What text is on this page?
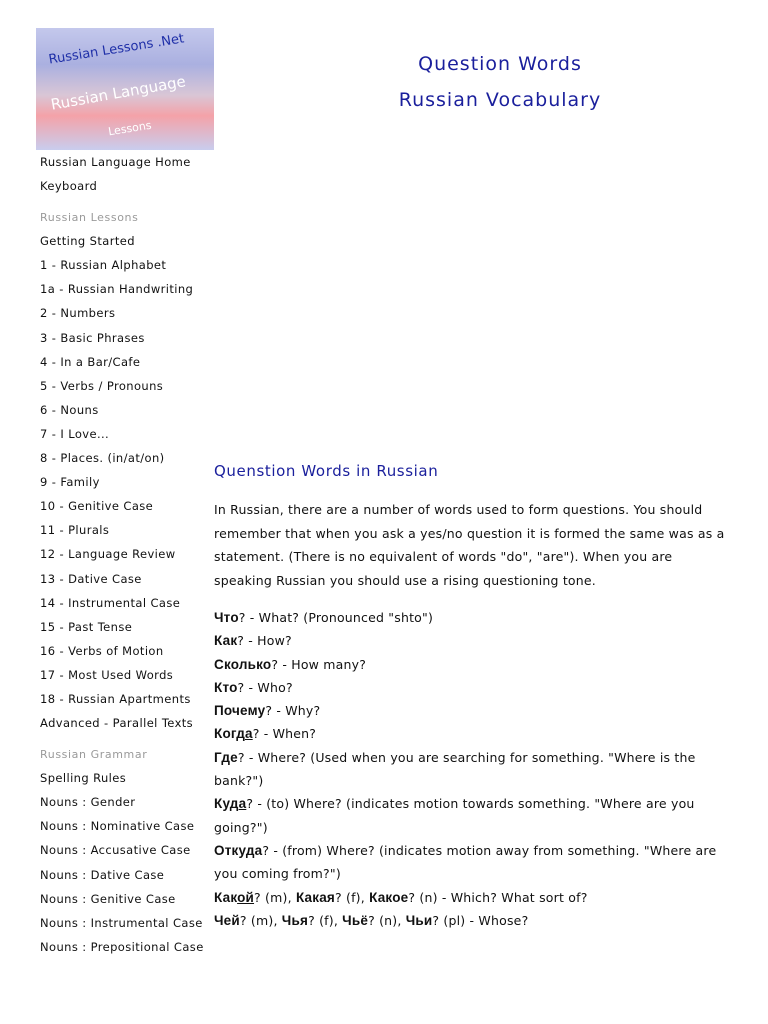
Russian Lessons .Net
Russian Language
Lessons
Question Words
Russian Vocabulary
Russian Language Home
Keyboard
Russian Lessons
Getting Started
1 - Russian Alphabet
1a - Russian Handwriting
2 - Numbers
3 - Basic Phrases
4 - In a Bar/Cafe
5 - Verbs / Pronouns
6 - Nouns
7 - I Love...
8 - Places. (in/at/on)
9 - Family
10 - Genitive Case
11 - Plurals
12 - Language Review
13 - Dative Case
14 - Instrumental Case
15 - Past Tense
16 - Verbs of Motion
17 - Most Used Words
18 - Russian Apartments
Advanced - Parallel Texts
Russian Grammar
Spelling Rules
Nouns : Gender
Nouns : Nominative Case
Nouns : Accusative Case
Nouns : Dative Case
Nouns : Genitive Case
Nouns : Instrumental Case
Nouns : Prepositional Case
Quenstion Words in Russian

In Russian, there are a number of words used to form questions. You should remember that when you ask a yes/no question it is formed the same was as a statement. (There is no equivalent of words "do", "are"). When you are speaking Russian you should use a rising questioning tone.

Что? - What? (Pronounced "shto")
Как? - How?
Сколько? - How many?
Кто? - Who?
Почему? - Why?
Когда? - When?
Где? - Where? (Used when you are searching for something. "Where is the bank?")
Куда? - (to) Where? (indicates motion towards something. "Where are you going?")
Откуда? - (from) Where? (indicates motion away from something. "Where are you coming from?")
Какой? (m), Какая? (f), Какое? (n) - Which? What sort of?
Чей? (m), Чья? (f), Чьё? (n), Чьи? (pl) - Whose?
